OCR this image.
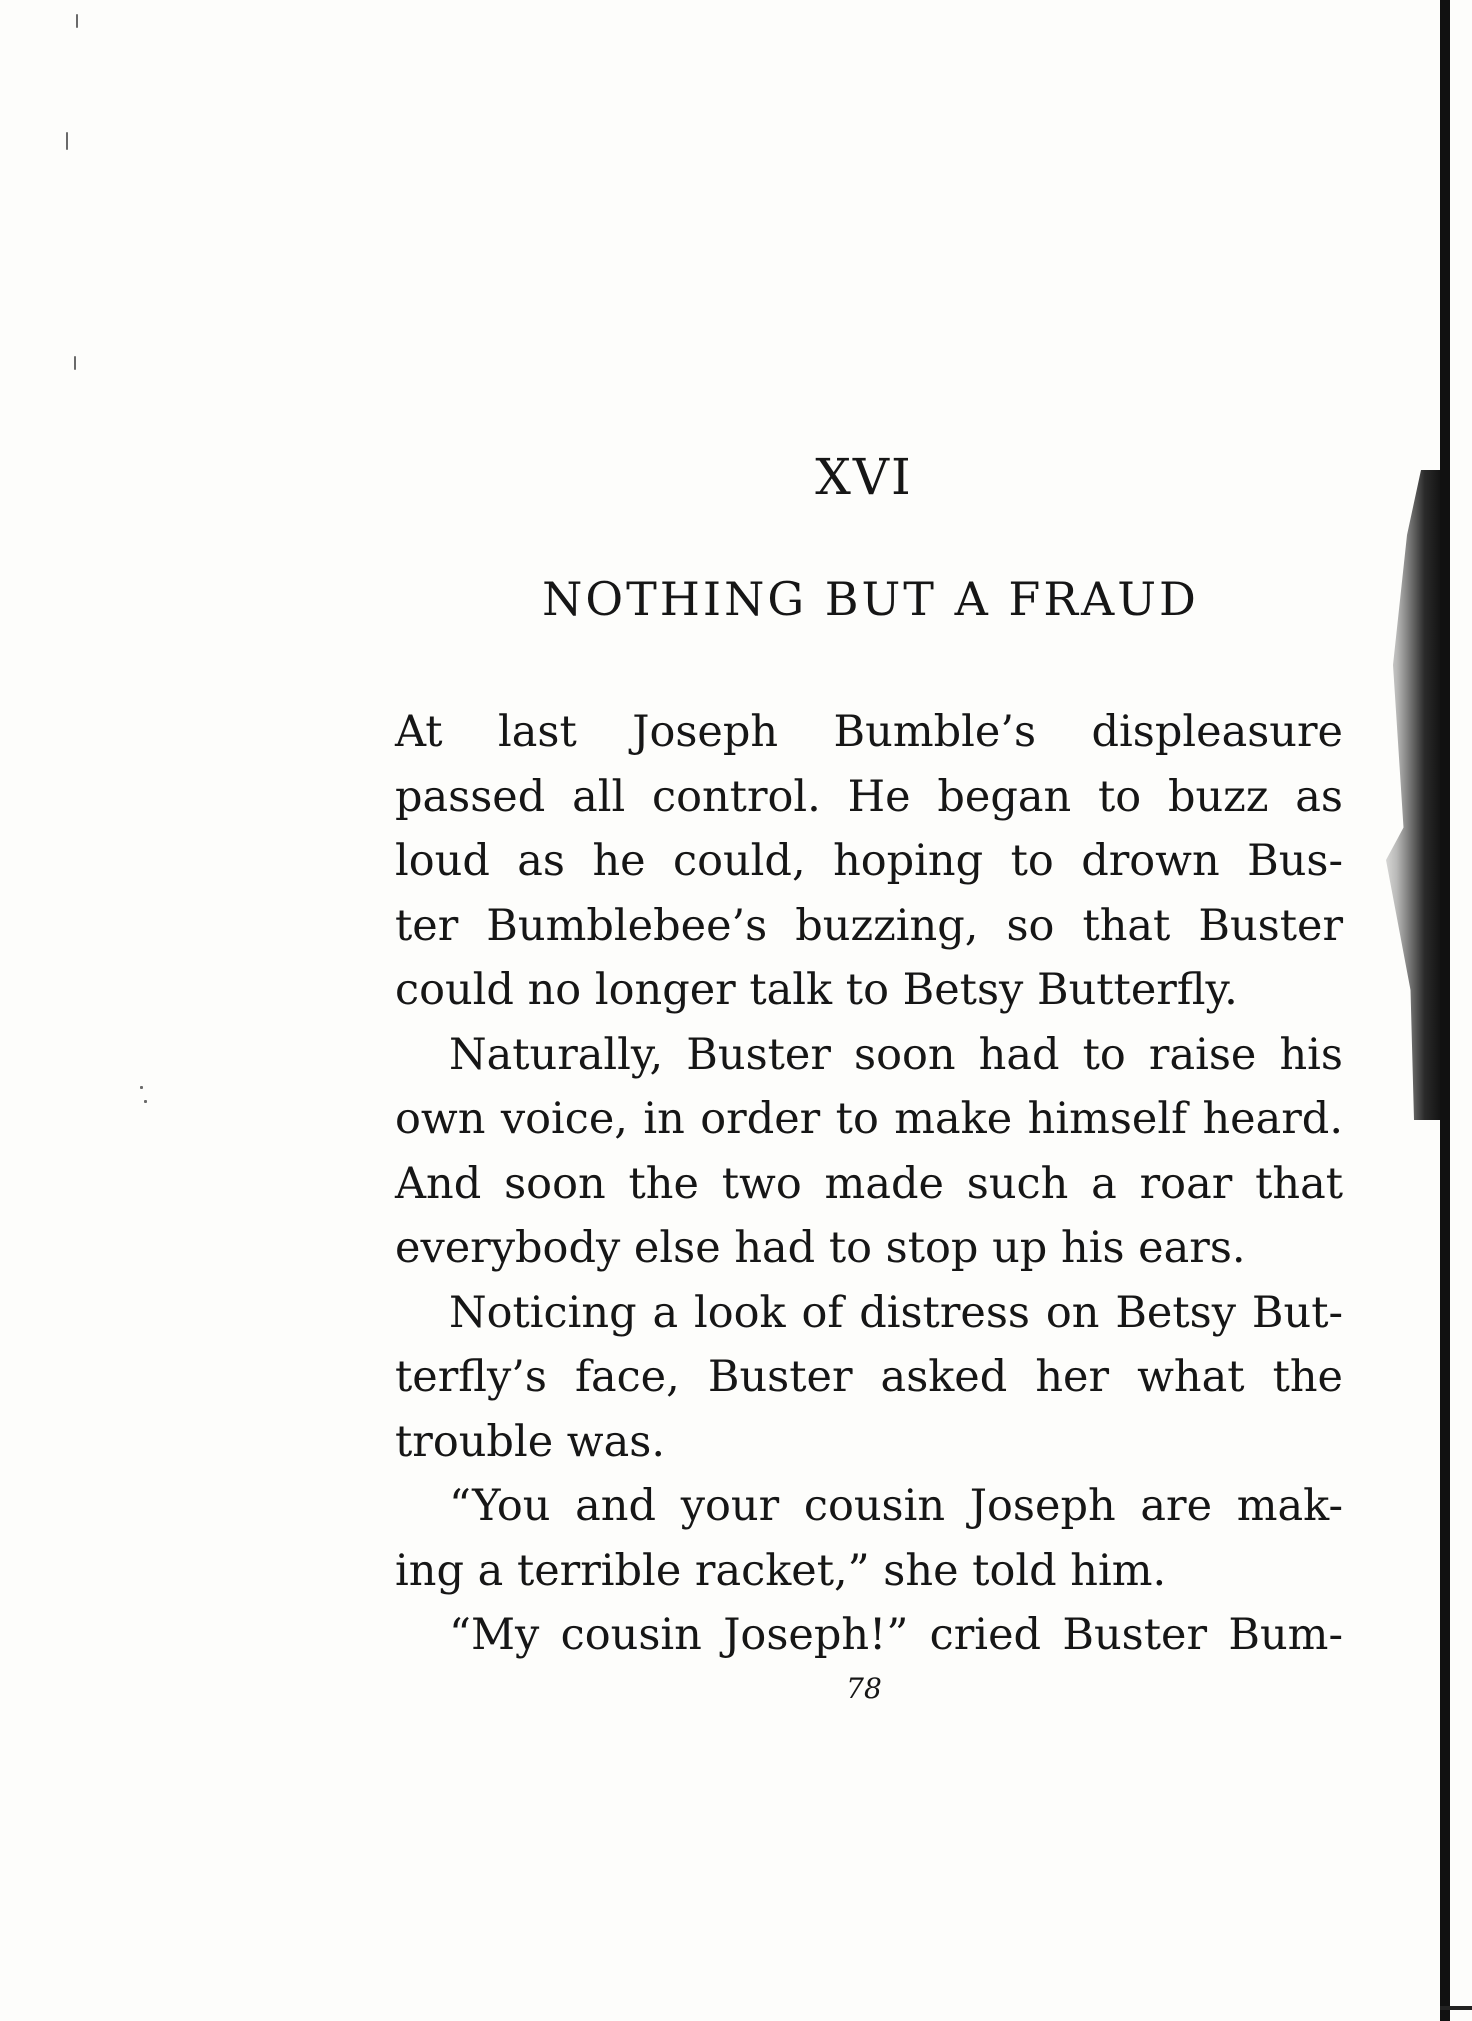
XVI
NOTHING BUT A FRAUD
At last Joseph Bumble’s displeasure
passed all control. He began to buzz as
loud as he could, hoping to drown Bus-
ter Bumblebee’s buzzing, so that Buster
could no longer talk to Betsy Butterfly.
Naturally, Buster soon had to raise his
own voice, in order to make himself heard.
And soon the two made such a roar that
everybody else had to stop up his ears.
Noticing a look of distress on Betsy But-
terfly’s face, Buster asked her what the
trouble was.
“You and your cousin Joseph are mak-
ing a terrible racket,” she told him.
“My cousin Joseph!” cried Buster Bum-
78
